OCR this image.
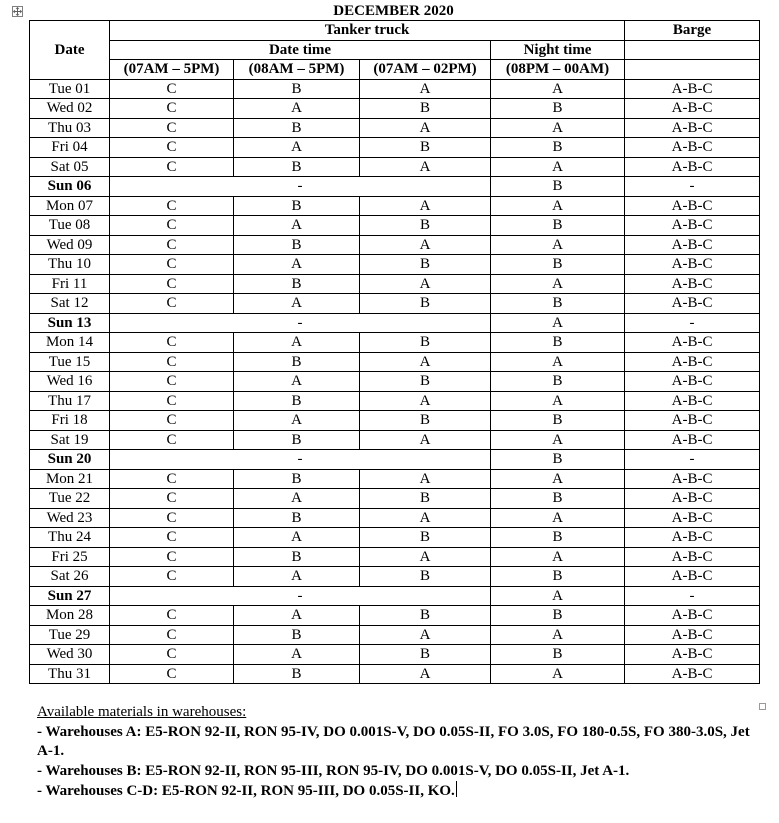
DECEMBER 2020
Date	Tanker truck				Barge
	Date time			Night time	
	(07AM – 5PM)	(08AM – 5PM)	(07AM – 02PM)	(08PM – 00AM)	
Tue 01	C	B	A	A	A-B-C
Wed 02	C	A	B	B	A-B-C
Thu 03	C	B	A	A	A-B-C
Fri 04	C	A	B	B	A-B-C
Sat 05	C	B	A	A	A-B-C
Sun 06	-			B	-
Mon 07	C	B	A	A	A-B-C
Tue 08	C	A	B	B	A-B-C
Wed 09	C	B	A	A	A-B-C
Thu 10	C	A	B	B	A-B-C
Fri 11	C	B	A	A	A-B-C
Sat 12	C	A	B	B	A-B-C
Sun 13	-			A	-
Mon 14	C	A	B	B	A-B-C
Tue 15	C	B	A	A	A-B-C
Wed 16	C	A	B	B	A-B-C
Thu 17	C	B	A	A	A-B-C
Fri 18	C	A	B	B	A-B-C
Sat 19	C	B	A	A	A-B-C
Sun 20	-			B	-
Mon 21	C	B	A	A	A-B-C
Tue 22	C	A	B	B	A-B-C
Wed 23	C	B	A	A	A-B-C
Thu 24	C	A	B	B	A-B-C
Fri 25	C	B	A	A	A-B-C
Sat 26	C	A	B	B	A-B-C
Sun 27	-			A	-
Mon 28	C	A	B	B	A-B-C
Tue 29	C	B	A	A	A-B-C
Wed 30	C	A	B	B	A-B-C
Thu 31	C	B	A	A	A-B-C
Available materials in warehouses:
- Warehouses A: E5-RON 92-II, RON 95-IV, DO 0.001S-V, DO 0.05S-II, FO 3.0S, FO 180-0.5S, FO 380-3.0S, Jet A-1.
- Warehouses B: E5-RON 92-II, RON 95-III, RON 95-IV, DO 0.001S-V, DO 0.05S-II, Jet A-1.
- Warehouses C-D: E5-RON 92-II, RON 95-III, DO 0.05S-II, KO.
